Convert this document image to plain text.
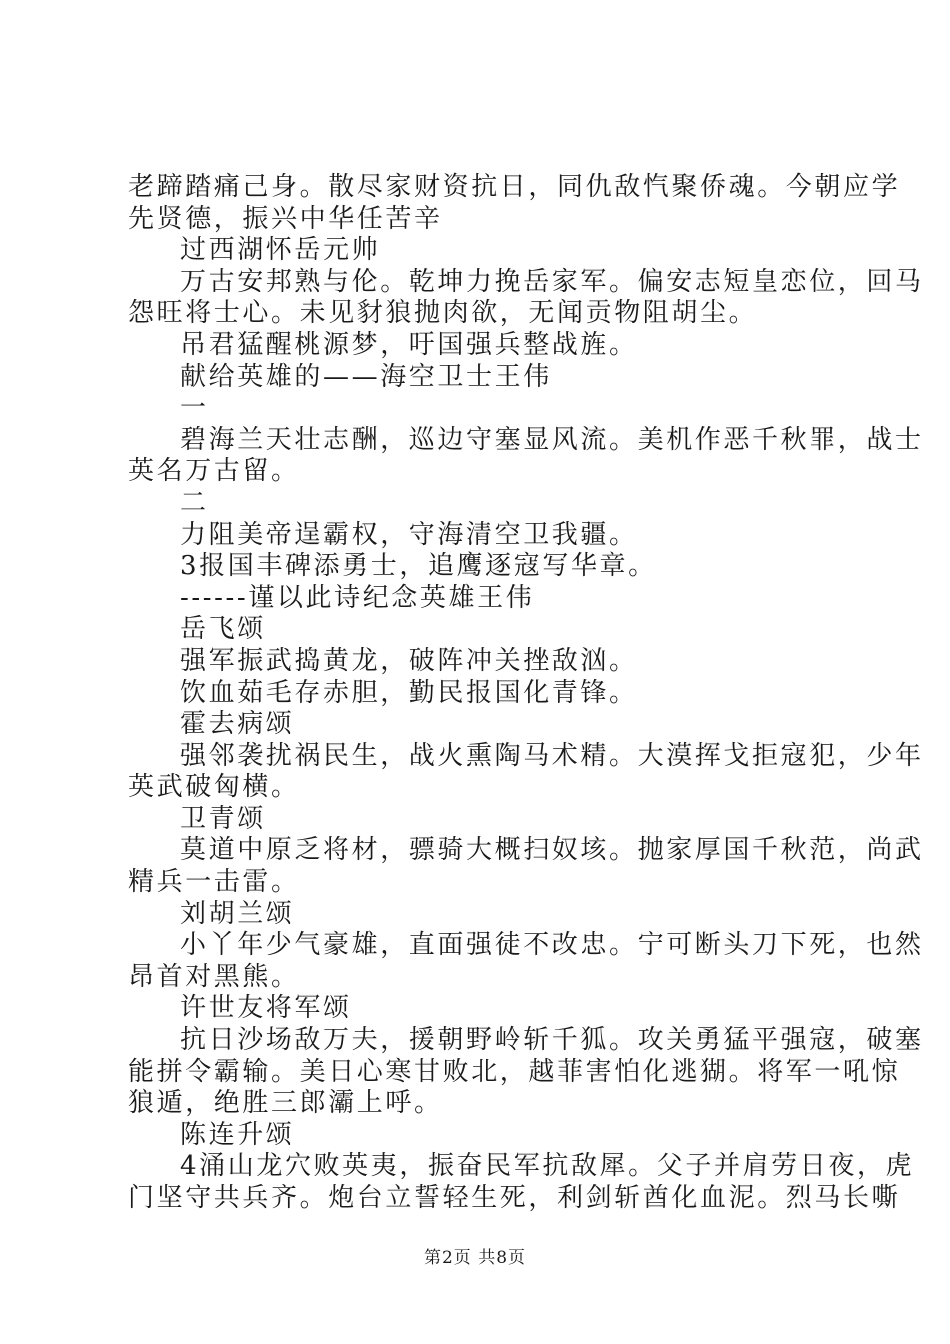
老蹄踏痛己身。散尽家财资抗日，同仇敌忾聚侨魂。今朝应学
先贤德，振兴中华任苦辛
过西湖怀岳元帅
万古安邦熟与伦。乾坤力挽岳家军。偏安志短皇恋位，回马
怨旺将士心。未见豺狼抛肉欲，无闻贡物阻胡尘。
吊君猛醒桃源梦，吁国强兵整战旌。
献给英雄的——海空卫士王伟
一
碧海兰天壮志酬，巡边守塞显风流。美机作恶千秋罪，战士
英名万古留。
二
力阻美帝逞霸权，守海清空卫我疆。
3报国丰碑添勇士，追鹰逐寇写华章。
------谨以此诗纪念英雄王伟
岳飞颂
强军振武捣黄龙，破阵冲关挫敌汹。
饮血茹毛存赤胆，勤民报国化青锋。
霍去病颂
强邻袭扰祸民生，战火熏陶马术精。大漠挥戈拒寇犯，少年
英武破匈横。
卫青颂
莫道中原乏将材，骠骑大概扫奴垓。抛家厚国千秋范，尚武
精兵一击雷。
刘胡兰颂
小丫年少气豪雄，直面强徒不改忠。宁可断头刀下死，也然
昂首对黑熊。
许世友将军颂
抗日沙场敌万夫，援朝野岭斩千狐。攻关勇猛平强寇，破塞
能拼令霸输。美日心寒甘败北，越菲害怕化逃猢。将军一吼惊
狼遁，绝胜三郎灞上呼。
陈连升颂
4涌山龙穴败英夷，振奋民军抗敌犀。父子并肩劳日夜，虎
门坚守共兵齐。炮台立誓轻生死，利剑斩酋化血泥。烈马长嘶
第2页 共8页
